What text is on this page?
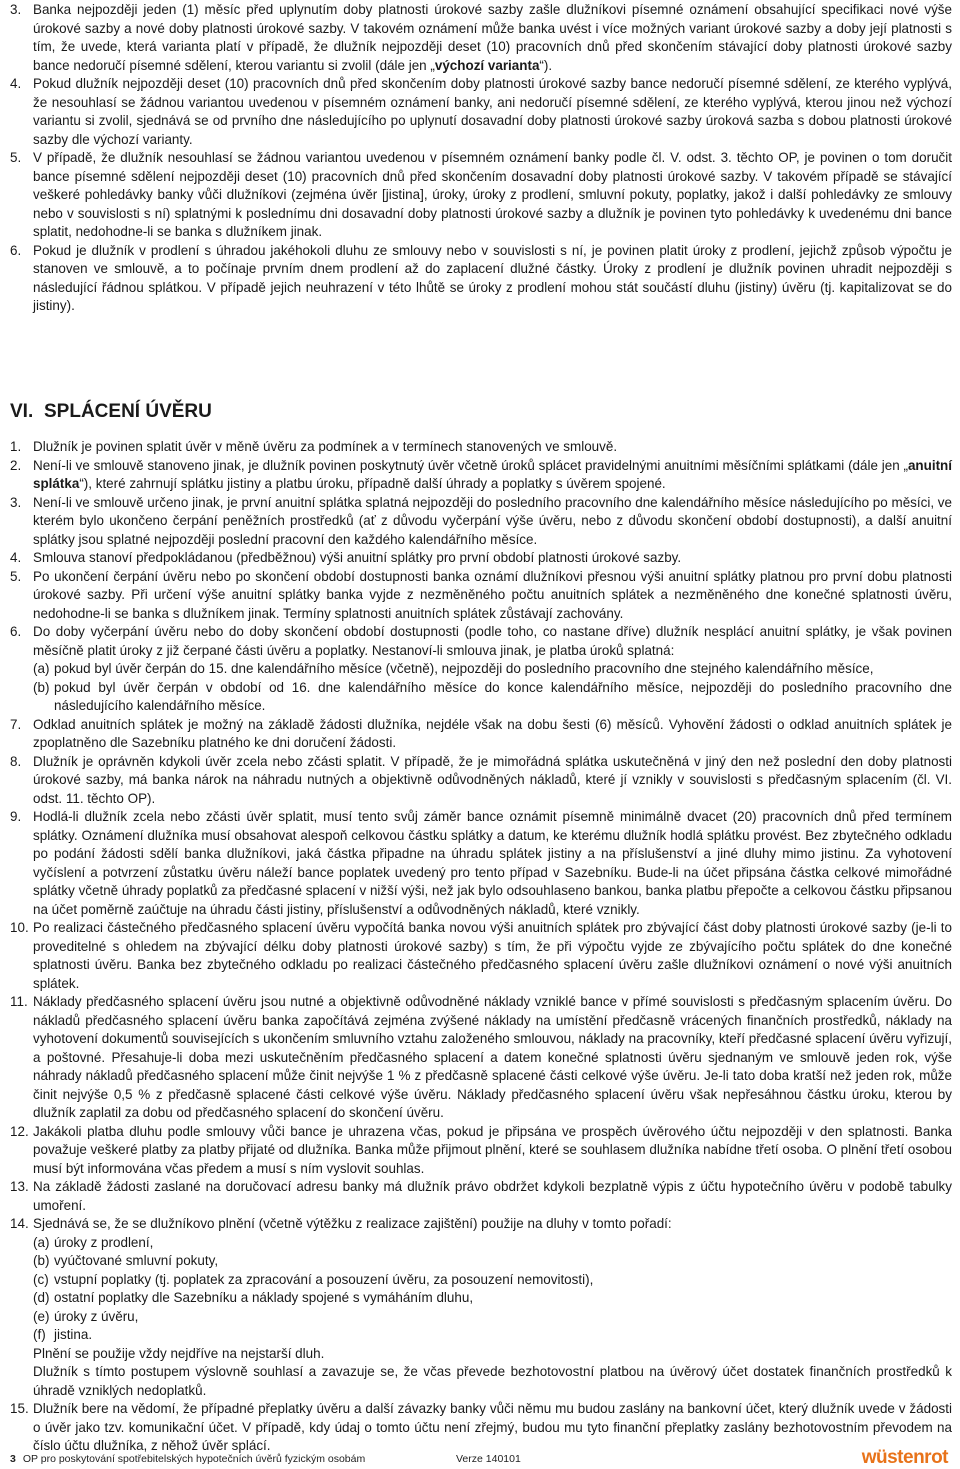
3. Banka nejpozději jeden (1) měsíc před uplynutím doby platnosti úrokové sazby zašle dlužníkovi písemné oznámení obsahující specifikaci nové výše úrokové sazby a nové doby platnosti úrokové sazby. V takovém oznámení může banka uvést i více možných variant úrokové sazby a doby její platnosti s tím, že uvede, která varianta platí v případě, že dlužník nejpozději deset (10) pracovních dnů před skončením stávající doby platnosti úrokové sazby bance nedoručí písemné sdělení, kterou variantu si zvolil (dále jen „výchozí varianta“).
4. Pokud dlužník nejpozději deset (10) pracovních dnů před skončením doby platnosti úrokové sazby bance nedoručí písemné sdělení, ze kterého vyplývá, že nesouhlasí se žádnou variantou uvedenou v písemném oznámení banky, ani nedoručí písemné sdělení, ze kterého vyplývá, kterou jinou než výchozí variantu si zvolil, sjednává se od prvního dne následujícího po uplynutí dosavadní doby platnosti úrokové sazby úroková sazba s dobou platnosti úrokové sazby dle výchozí varianty.
5. V případě, že dlužník nesouhlasí se žádnou variantou uvedenou v písemném oznámení banky podle čl. V. odst. 3. těchto OP, je povinen o tom doručit bance písemné sdělení nejpozději deset (10) pracovních dnů před skončením dosavadní doby platnosti úrokové sazby. V takovém případě se stávající veškeré pohledávky banky vůči dlužníkovi (zejména úvěr [jistina], úroky, úroky z prodlení, smluvní pokuty, poplatky, jakož i další pohledávky ze smlouvy nebo v souvislosti s ní) splatnými k poslednímu dni dosavadní doby platnosti úrokové sazby a dlužník je povinen tyto pohledávky k uvedenému dni bance splatit, nedohodne-li se banka s dlužníkem jinak.
6. Pokud je dlužník v prodlení s úhradou jakéhokoli dluhu ze smlouvy nebo v souvislosti s ní, je povinen platit úroky z prodlení, jejichž způsob výpočtu je stanoven ve smlouvě, a to počínaje prvním dnem prodlení až do zaplacení dlužné částky. Úroky z prodlení je dlužník povinen uhradit nejpozději s následující řádnou splátkou. V případě jejich neuhrazení v této lhůtě se úroky z prodlení mohou stát součástí dluhu (jistiny) úvěru (tj. kapitalizovat se do jistiny).
VI. SPLÁCENÍ ÚVĚRU
1. Dlužník je povinen splatit úvěr v měně úvěru za podmínek a v termínech stanovených ve smlouvě.
2. Není-li ve smlouvě stanoveno jinak, je dlužník povinen poskytnutý úvěr včetně úroků splácet pravidelnými anuitními měsíčními splátkami (dále jen „anuitní splátka“), které zahrnují splátku jistiny a platbu úroku, případně další úhrady a poplatky s úvěrem spojené.
3. Není-li ve smlouvě určeno jinak, je první anuitní splátka splatná nejpozději do posledního pracovního dne kalendářního měsíce následujícího po měsíci, ve kterém bylo ukončeno čerpání peněžních prostředků (ať z důvodu vyčerpání výše úvěru, nebo z důvodu skončení období dostupnosti), a další anuitní splátky jsou splatné nejpozději poslední pracovní den každého kalendářního měsíce.
4. Smlouva stanoví předpokládanou (předběžnou) výši anuitní splátky pro první období platnosti úrokové sazby.
5. Po ukončení čerpání úvěru nebo po skončení období dostupnosti banka oznámí dlužníkovi přesnou výši anuitní splátky platnou pro první dobu platnosti úrokové sazby. Při určení výše anuitní splátky banka vyjde z nezměněného počtu anuitních splátek a nezměněného dne konečné splatnosti úvěru, nedohodne-li se banka s dlužníkem jinak. Termíny splatnosti anuitních splátek zůstávají zachovány.
6. Do doby vyčerpání úvěru nebo do doby skončení období dostupnosti (podle toho, co nastane dříve) dlužník nesplácí anuitní splátky, je však povinen měsíčně platit úroky z již čerpané části úvěru a poplatky. Nestanoví-li smlouva jinak, je platba úroků splatná:

(a) pokud byl úvěr čerpán do 15. dne kalendářního měsíce (včetně), nejpozději do posledního pracovního dne stejného kalendářního měsíce,
(b) pokud byl úvěr čerpán v období od 16. dne kalendářního měsíce do konce kalendářního měsíce, nejpozději do posledního pracovního dne následujícího kalendářního měsíce.
7. Odklad anuitních splátek je možný na základě žádosti dlužníka, nejdéle však na dobu šesti (6) měsíců. Vyhovění žádosti o odklad anuitních splátek je zpoplatněno dle Sazebníku platného ke dni doručení žádosti.
8. Dlužník je oprávněn kdykoli úvěr zcela nebo zčásti splatit. V případě, že je mimořádná splátka uskutečněná v jiný den než poslední den doby platnosti úrokové sazby, má banka nárok na náhradu nutných a objektivně odůvodněných nákladů, které jí vznikly v souvislosti s předčasným splacením (čl. VI. odst. 11. těchto OP).
9. Hodlá-li dlužník zcela nebo zčásti úvěr splatit, musí tento svůj záměr bance oznámit písemně minimálně dvacet (20) pracovních dnů před termínem splátky. Oznámení dlužníka musí obsahovat alespoň celkovou částku splátky a datum, ke kterému dlužník hodlá splátku provést. Bez zbytečného odkladu po podání žádosti sdělí banka dlužníkovi, jaká částka připadne na úhradu splátek jistiny a na příslušenství a jiné dluhy mimo jistinu. Za vyhotovení vyčíslení a potvrzení zůstatku úvěru náleží bance poplatek uvedený pro tento případ v Sazebníku. Bude-li na účet připsána částka celkové mimořádné splátky včetně úhrady poplatků za předčasné splacení v nižší výši, než jak bylo odsouhlaseno bankou, banka platbu přepočte a celkovou částku připsanou na účet poměrně zaúčtuje na úhradu části jistiny, příslušenství a odůvodněných nákladů, které vznikly.
10. Po realizaci částečného předčasného splacení úvěru vypočítá banka novou výši anuitních splátek pro zbývající část doby platnosti úrokové sazby (je-li to proveditelné s ohledem na zbývající délku doby platnosti úrokové sazby) s tím, že při výpočtu vyjde ze zbývajícího počtu splátek do dne konečné splatnosti úvěru. Banka bez zbytečného odkladu po realizaci částečného předčasného splacení úvěru zašle dlužníkovi oznámení o nové výši anuitních splátek.
11. Náklady předčasného splacení úvěru jsou nutné a objektivně odůvodněné náklady vzniklé bance v přímé souvislosti s předčasným splacením úvěru. Do nákladů předčasného splacení úvěru banka započítává zejména zvýšené náklady na umístění předčasně vrácených finančních prostředků, náklady na vyhotovení dokumentů souvisejících s ukončením smluvního vztahu založeného smlouvou, náklady na pracovníky, kteří předčasné splacení úvěru vyřizují, a poštovné. Přesahuje-li doba mezi uskutečněním předčasného splacení a datem konečné splatnosti úvěru sjednaným ve smlouvě jeden rok, výše náhrady nákladů předčasného splacení může činit nejvýše 1 % z předčasně splacené části celkové výše úvěru. Je-li tato doba kratší než jeden rok, může činit nejvýše 0,5 % z předčasně splacené části celkové výše úvěru. Náklady předčasného splacení úvěru však nepřesáhnou částku úroku, kterou by dlužník zaplatil za dobu od předčasného splacení do skončení úvěru.
12. Jakákoli platba dluhu podle smlouvy vůči bance je uhrazena včas, pokud je připsána ve prospěch úvěrového účtu nejpozději v den splatnosti. Banka považuje veškeré platby za platby přijaté od dlužníka. Banka může přijmout plnění, které se souhlasem dlužníka nabídne třetí osoba. O plnění třetí osobou musí být informována včas předem a musí s ním vyslovit souhlas.
13. Na základě žádosti zaslané na doručovací adresu banky má dlužník právo obdržet kdykoli bezplatně výpis z účtu hypotečního úvěru v podobě tabulky umoření.
14. Sjednává se, že se dlužníkovo plnění (včetně výtěžku z realizace zajištění) použije na dluhy v tomto pořadí:

(a) úroky z prodlení,
(b) vyúčtované smluvní pokuty,
(c) vstupní poplatky (tj. poplatek za zpracování a posouzení úvěru, za posouzení nemovitosti),
(d) ostatní poplatky dle Sazebníku a náklady spojené s vymáháním dluhu,
(e) úroky z úvěru,
(f) jistina.

Plnění se použije vždy nejdříve na nejstarší dluh.

Dlužník s tímto postupem výslovně souhlasí a zavazuje se, že včas převede bezhotovostní platbou na úvěrový účet dostatek finančních prostředků k úhradě vzniklých nedoplatků.

15. Dlužník bere na vědomí, že případné přeplatky úvěru a další závazky banky vůči němu mu budou zaslány na bankovní účet, který dlužník uvede v žádosti o úvěr jako tzv. komunikační účet. V případě, kdy údaj o tomto účtu není zřejmý, budou mu tyto finanční přeplatky zaslány bezhotovostním převodem na číslo účtu dlužníka, z něhož úvěr splácí.
3 OP pro poskytování spotřebitelských hypotečních úvěrů fyzickým osobám	Verze 140101	wüstenrot
